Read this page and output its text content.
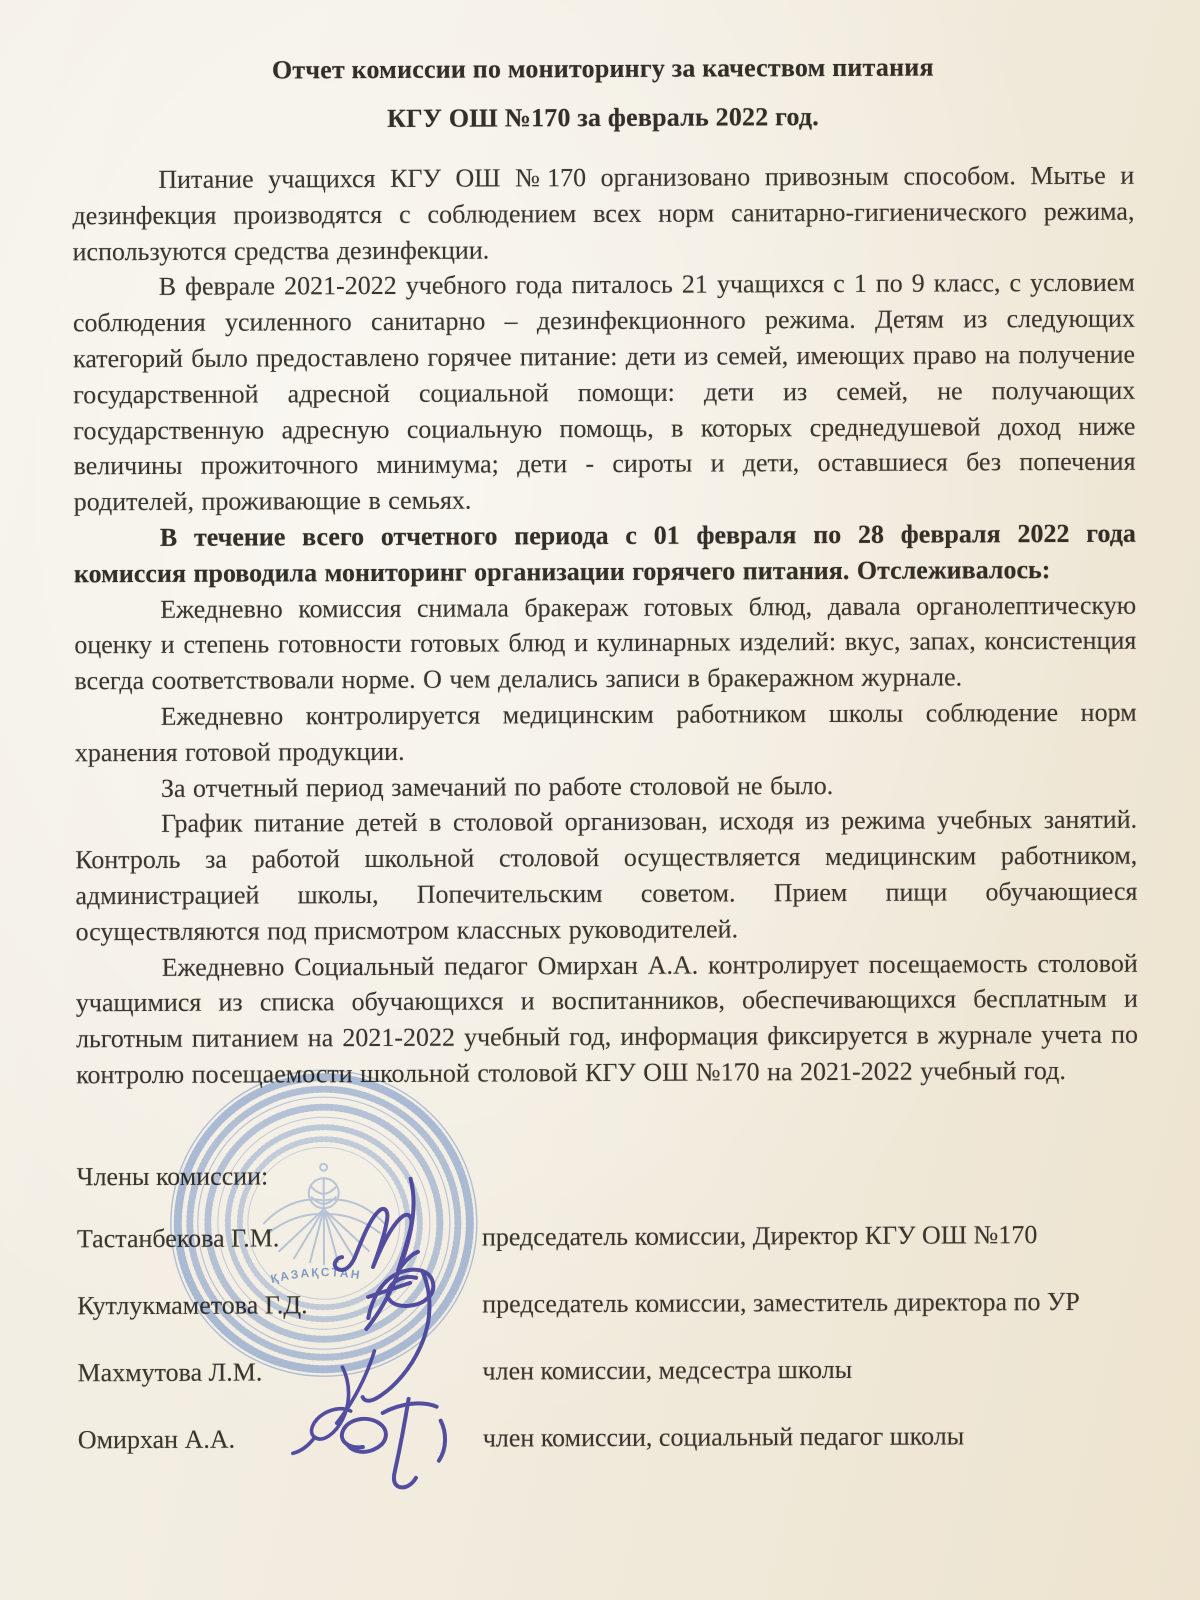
Отчет комиссии по мониторингу за качеством питания
КГУ ОШ №170 за февраль 2022 год.

Питание учащихся КГУ ОШ №170 организовано привозным способом. Мытье и дезинфекция производятся с соблюдением всех норм санитарно-гигиенического режима, используются средства дезинфекции.

В феврале 2021-2022 учебного года питалось 21 учащихся с 1 по 9 класс, с условием соблюдения усиленного санитарно – дезинфекционного режима. Детям из следующих категорий было предоставлено горячее питание: дети из семей, имеющих право на получение государственной адресной социальной помощи: дети из семей, не получающих государственную адресную социальную помощь, в которых среднедушевой доход ниже величины прожиточного минимума; дети - сироты и дети, оставшиеся без попечения родителей, проживающие в семьях.

В течение всего отчетного периода с 01 февраля по 28 февраля 2022 года комиссия проводила мониторинг организации горячего питания. Отслеживалось:

Ежедневно комиссия снимала бракераж готовых блюд, давала органолептическую оценку и степень готовности готовых блюд и кулинарных изделий: вкус, запах, консистенция всегда соответствовали норме. О чем делались записи в бракеражном журнале.

Ежедневно контролируется медицинским работником школы соблюдение норм хранения готовой продукции.

За отчетный период замечаний по работе столовой не было.

График питание детей в столовой организован, исходя из режима учебных занятий. Контроль за работой школьной столовой осуществляется медицинским работником, администрацией школы, Попечительским советом. Прием пищи обучающиеся осуществляются под присмотром классных руководителей.

Ежедневно Социальный педагог Омирхан А.А. контролирует посещаемость столовой учащимися из списка обучающихся и воспитанников, обеспечивающихся бесплатным и льготным питанием на 2021-2022 учебный год, информация фиксируется в журнале учета по контролю посещаемости школьной столовой КГУ ОШ №170 на 2021-2022 учебный год.

Члены комиссии:
Тастанбекова Г.М.	председатель комиссии, Директор КГУ ОШ №170
Кутлукмаметова Г.Д.	председатель комиссии, заместитель директора по УР
Махмутова Л.М.	член комиссии, медсестра школы
Омирхан А.А.	член комиссии, социальный педагог школы
ҚАЗАҚСТАН
